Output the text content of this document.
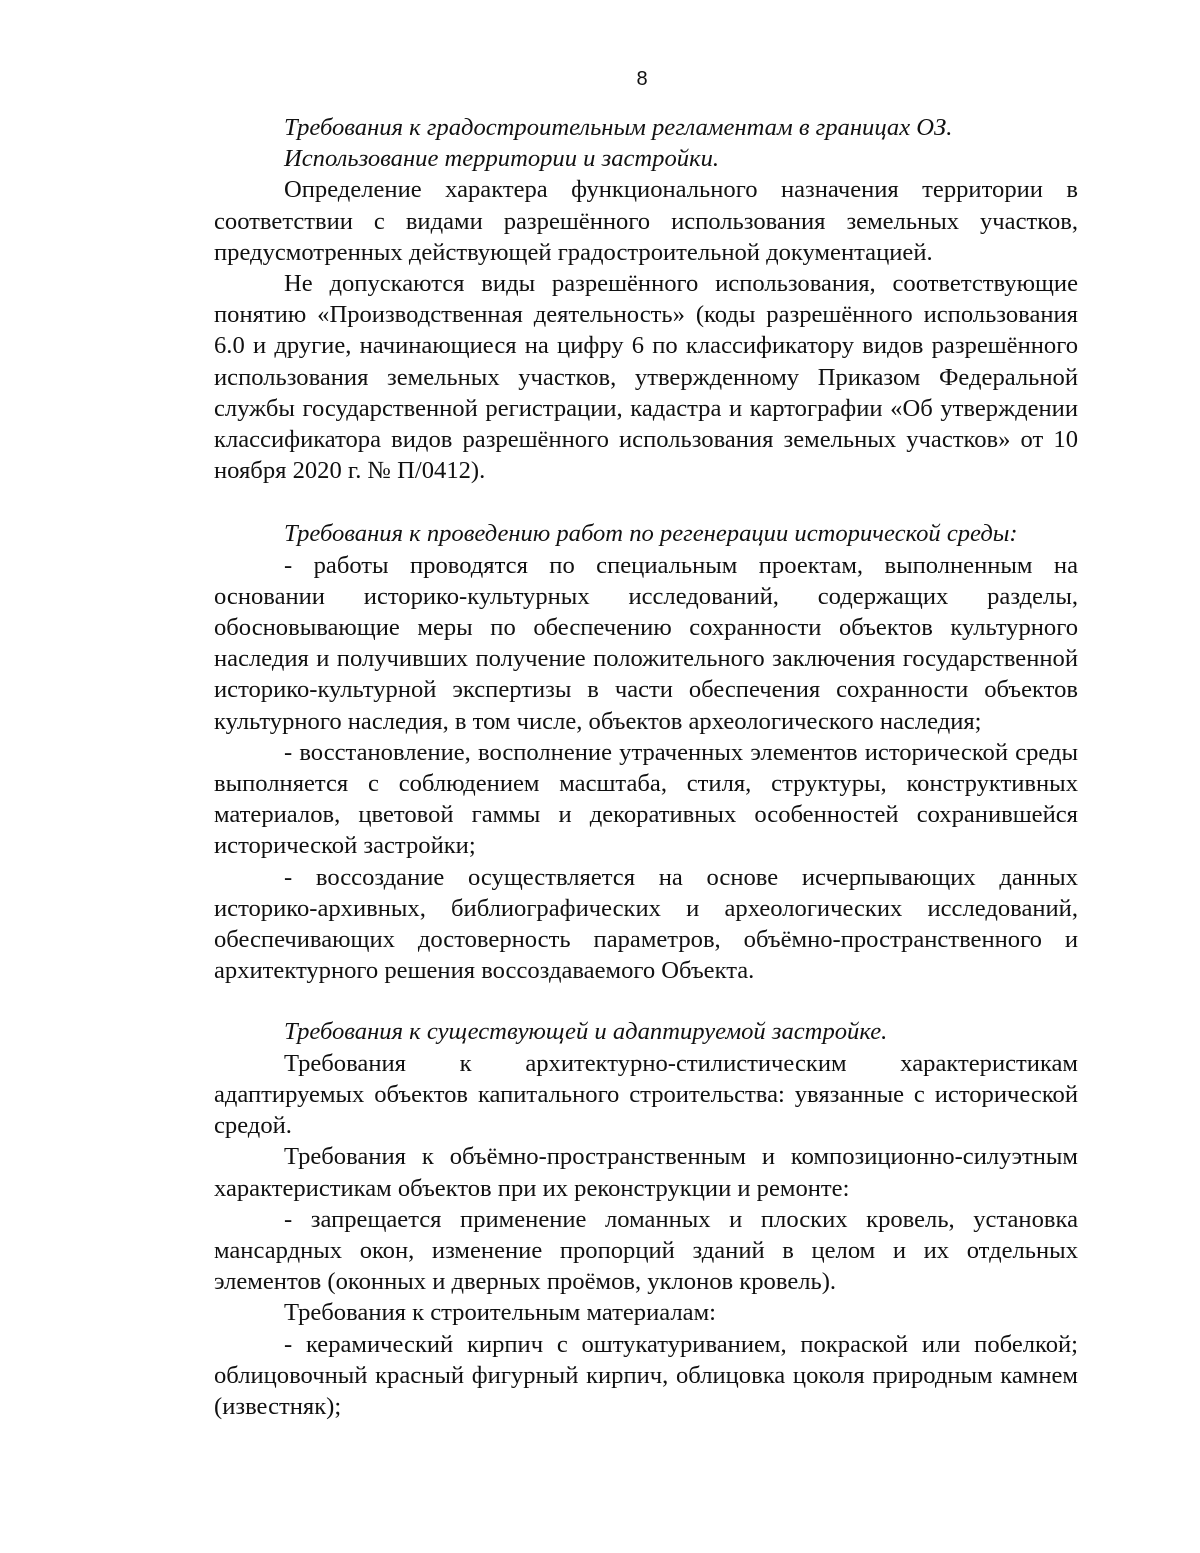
8
Требования к градостроительным регламентам в границах ОЗ.
Использование территории и застройки.

Определение характера функционального назначения территории в соответствии с видами разрешённого использования земельных участков, предусмотренных действующей градостроительной документацией.

Не допускаются виды разрешённого использования, соответствующие понятию «Производственная деятельность» (коды разрешённого использования 6.0 и другие, начинающиеся на цифру 6 по классификатору видов разрешённого использования земельных участков, утвержденному Приказом Федеральной службы государственной регистрации, кадастра и картографии «Об утверждении классификатора видов разрешённого использования земельных участков» от 10 ноября 2020 г. № П/0412).

Требования к проведению работ по регенерации исторической среды:

- работы проводятся по специальным проектам, выполненным на основании историко-культурных исследований, содержащих разделы, обосновывающие меры по обеспечению сохранности объектов культурного наследия и получивших получение положительного заключения государственной историко-культурной экспертизы в части обеспечения сохранности объектов культурного наследия, в том числе, объектов археологического наследия;

- восстановление, восполнение утраченных элементов исторической среды выполняется с соблюдением масштаба, стиля, структуры, конструктивных материалов, цветовой гаммы и декоративных особенностей сохранившейся исторической застройки;

- воссоздание осуществляется на основе исчерпывающих данных историко-архивных, библиографических и археологических исследований, обеспечивающих достоверность параметров, объёмно-пространственного и архитектурного решения воссоздаваемого Объекта.

Требования к существующей и адаптируемой застройке.

Требования к архитектурно-стилистическим характеристикам адаптируемых объектов капитального строительства: увязанные с исторической средой.

Требования к объёмно-пространственным и композиционно-силуэтным характеристикам объектов при их реконструкции и ремонте:

- запрещается применение ломанных и плоских кровель, установка мансардных окон, изменение пропорций зданий в целом и их отдельных элементов (оконных и дверных проёмов, уклонов кровель).

Требования к строительным материалам:

- керамический кирпич с оштукатуриванием, покраской или побелкой; облицовочный красный фигурный кирпич, облицовка цоколя природным камнем (известняк);
